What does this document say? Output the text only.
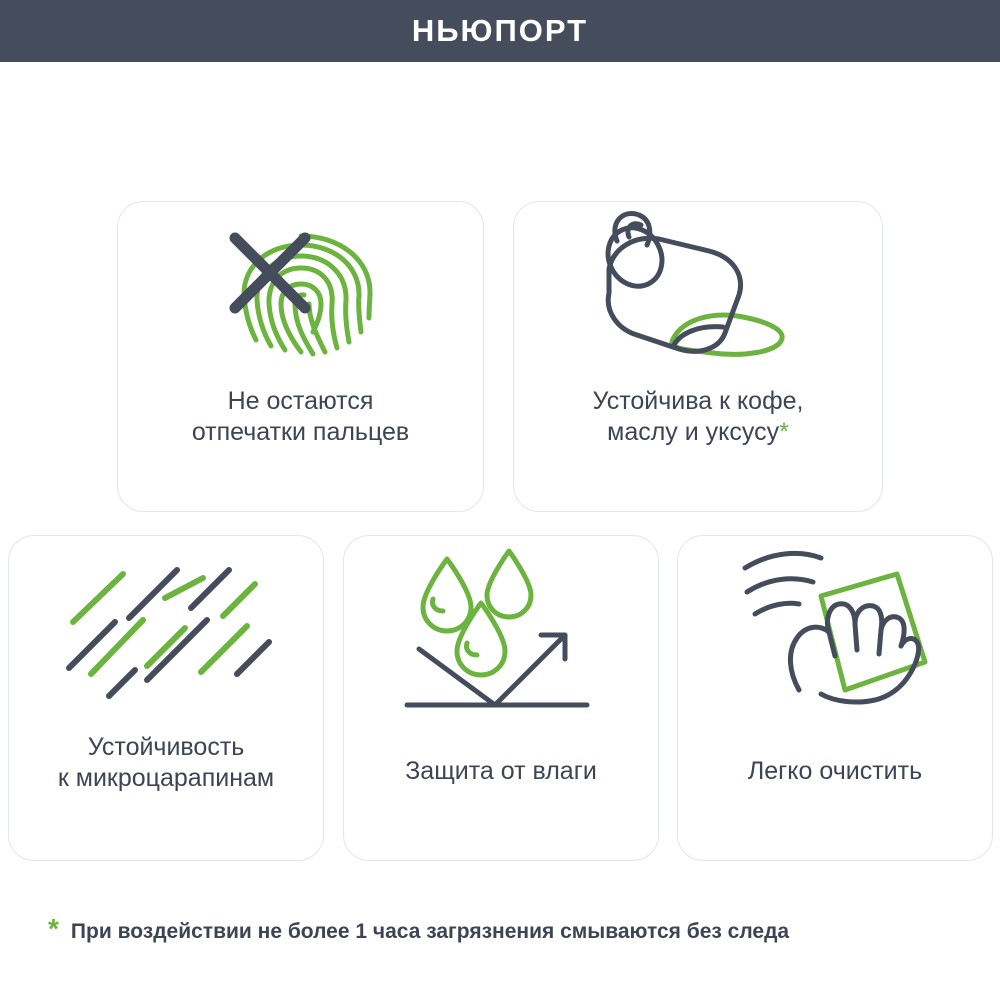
НЬЮПОРТ
Не остаются
отпечатки пальцев
Устойчива к кофе,
маслу и уксусу*
Устойчивость
к микроцарапинам	Защита от влаги	Легко очистить
* При воздействии не более 1 часа загрязнения смываются без следа
